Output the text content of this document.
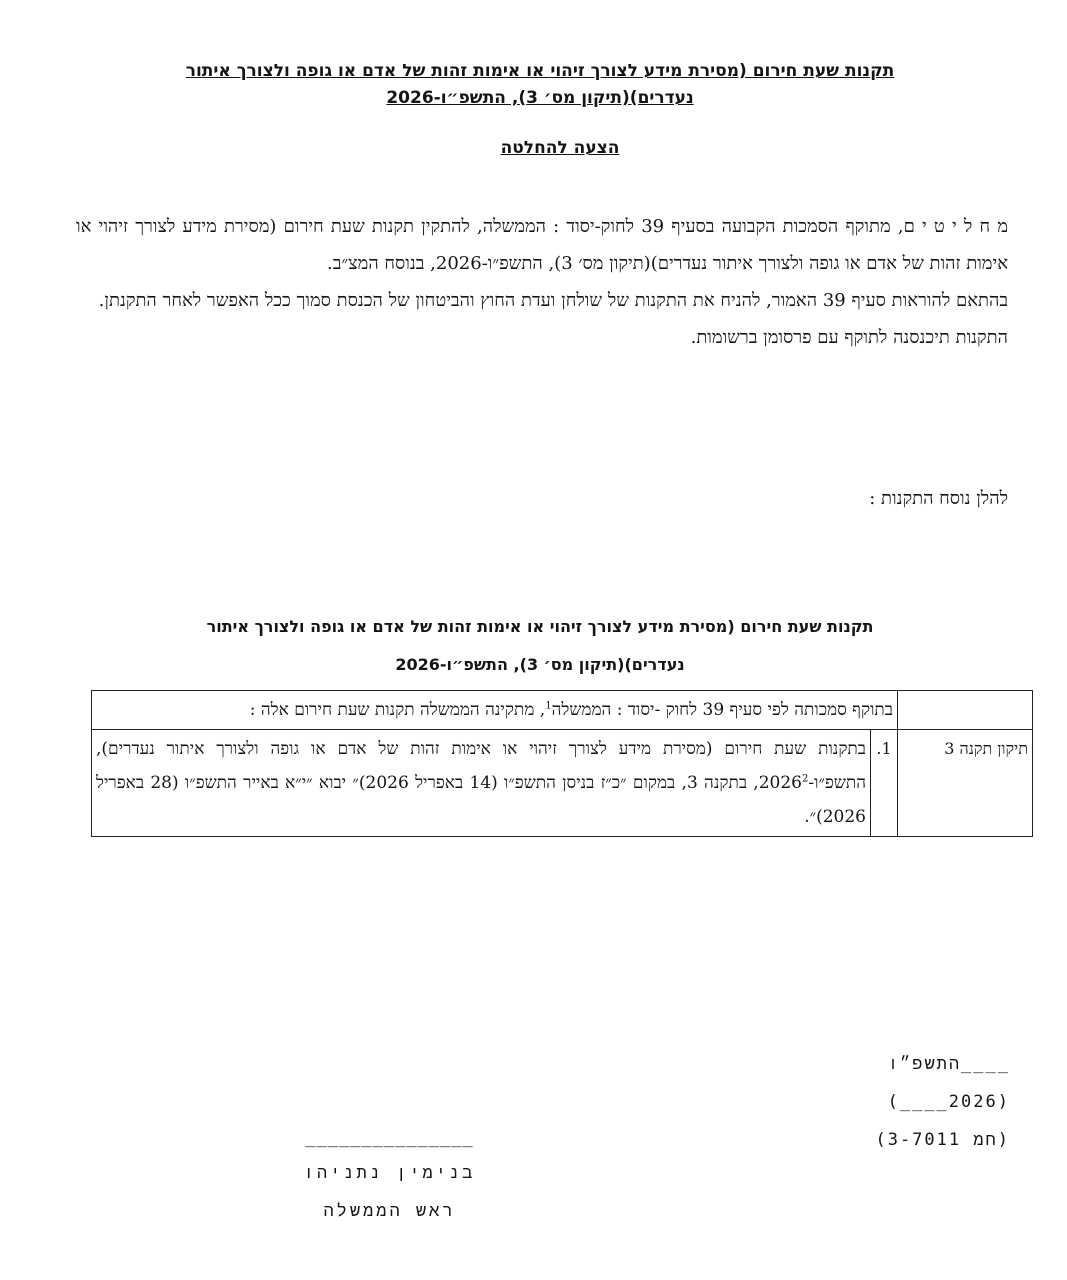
תקנות שעת חירום (מסירת מידע לצורך זיהוי או אימות זהות של אדם או גופה ולצורך איתור
נעדרים)(תיקון מס׳ 3), התשפ״ו-2026
הצעה להחלטה

מ ח ל י ט י ם, מתוקף הסמכות הקבועה בסעיף 39 לחוק-יסוד : הממשלה, להתקין תקנות שעת חירום (מסירת מידע לצורך זיהוי או אימות זהות של אדם או גופה ולצורך איתור נעדרים)(תיקון מס׳ 3), התשפ״ו-2026, בנוסח המצ״ב.

בהתאם להוראות סעיף 39 האמור, להניח את התקנות של שולחן ועדת החוץ והביטחון של הכנסת סמוך ככל האפשר לאחר התקנתן.

התקנות תיכנסנה לתוקף עם פרסומן ברשומות.

להלן נוסח התקנות :
תקנות שעת חירום (מסירת מידע לצורך זיהוי או אימות זהות של אדם או גופה ולצורך איתור
נעדרים)(תיקון מס׳ 3), התשפ״ו-2026
	בתוקף סמכותה לפי סעיף 39 לחוק -יסוד : הממשלה$^1$, מתקינה הממשלה תקנות שעת חירום אלה :	
תיקון תקנה 3	1.	בתקנות שעת חירום (מסירת מידע לצורך זיהוי או אימות זהות של אדם או גופה ולצורך איתור נעדרים), התשפ״ו-2026$^2$, בתקנה 3, במקום ״כ״ז בניסן התשפ״ו (14 באפריל 2026)״ יבוא ״י״א באייר התשפ״ו (28 באפריל 2026)״.
____התשפ״ו
(2026____)
(חמ 3-7011)
_______________
בנימין נתניהו
ראש הממשלה
